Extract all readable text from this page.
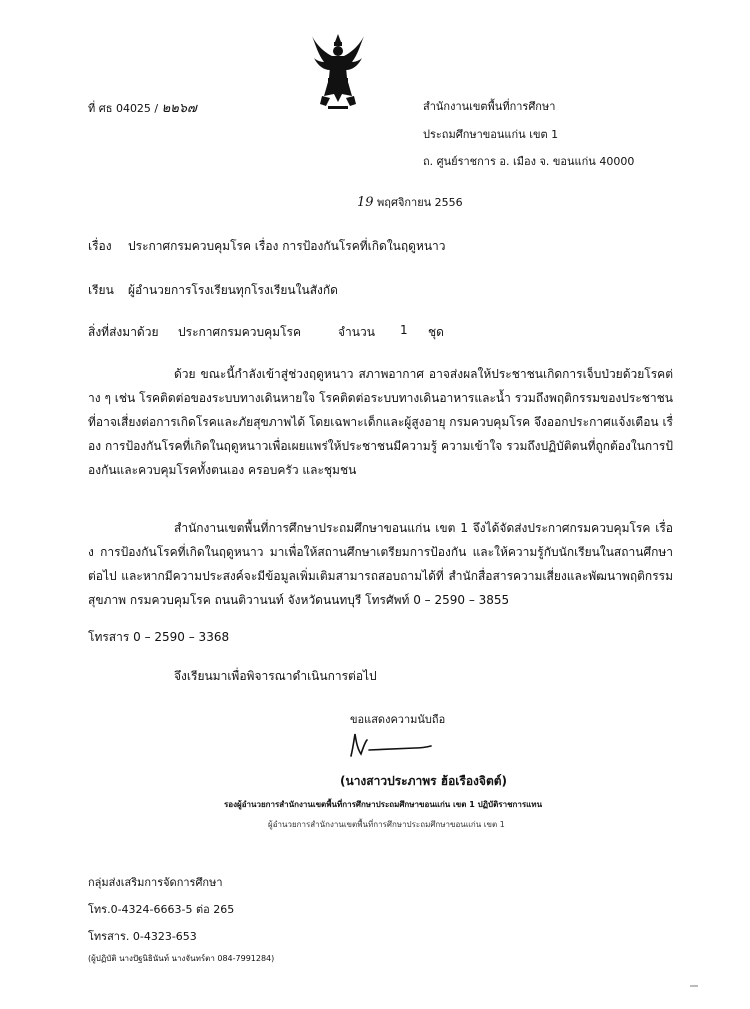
ที่ ศธ 04025 / ๒๒๖๗	สำนักงานเขตพื้นที่การศึกษา
ประถมศึกษาขอนแก่น เขต 1
ถ. ศูนย์ราชการ อ. เมือง จ. ขอนแก่น 40000
19 พฤศจิกายน 2556
เรื่อง ประกาศกรมควบคุมโรค เรื่อง การป้องกันโรคที่เกิดในฤดูหนาว
เรียน ผู้อำนวยการโรงเรียนทุกโรงเรียนในสังกัด
สิ่งที่ส่งมาด้วย ประกาศกรมควบคุมโรค	จำนวน 1 ชุด
ด้วย ขณะนี้กำลังเข้าสู่ช่วงฤดูหนาว สภาพอากาศ อาจส่งผลให้ประชาชนเกิดการเจ็บป่วยด้วยโรคต่าง ๆ เช่น โรคติดต่อของระบบทางเดินหายใจ โรคติดต่อระบบทางเดินอาหารและน้ำ รวมถึงพฤติกรรมของประชาชนที่อาจเสี่ยงต่อการเกิดโรคและภัยสุขภาพได้ โดยเฉพาะเด็กและผู้สูงอายุ กรมควบคุมโรค จึงออกประกาศแจ้งเตือน เรื่อง การป้องกันโรคที่เกิดในฤดูหนาวเพื่อเผยแพร่ให้ประชาชนมีความรู้ ความเข้าใจ รวมถึงปฏิบัติตนที่ถูกต้องในการป้องกันและควบคุมโรคทั้งตนเอง ครอบครัว และชุมชน
สำนักงานเขตพื้นที่การศึกษาประถมศึกษาขอนแก่น เขต 1 จึงได้จัดส่งประกาศกรมควบคุมโรค เรื่อง การป้องกันโรคที่เกิดในฤดูหนาว มาเพื่อให้สถานศึกษาเตรียมการป้องกัน และให้ความรู้กับนักเรียนในสถานศึกษาต่อไป และหากมีความประสงค์จะมีข้อมูลเพิ่มเติมสามารถสอบถามได้ที่ สำนักสื่อสารความเสี่ยงและพัฒนาพฤติกรรมสุขภาพ กรมควบคุมโรค ถนนติวานนท์ จังหวัดนนทบุรี โทรศัพท์ 0 – 2590 – 3855
โทรสาร 0 – 2590 – 3368
จึงเรียนมาเพื่อพิจารณาดำเนินการต่อไป
ขอแสดงความนับถือ
(นางสาวประภาพร ฮ้อเรืองจิตต์)
รองผู้อำนวยการสำนักงานเขตพื้นที่การศึกษาประถมศึกษาขอนแก่น เขต 1 ปฏิบัติราชการแทน
ผู้อำนวยการสำนักงานเขตพื้นที่การศึกษาประถมศึกษาขอนแก่น เขต 1
กลุ่มส่งเสริมการจัดการศึกษา
โทร.0-4324-6663-5 ต่อ 265
โทรสาร. 0-4323-653
(ผู้ปฏิบัติ นางปัฐนิธินันท์ นางจันทร์ตา 084-7991284)
